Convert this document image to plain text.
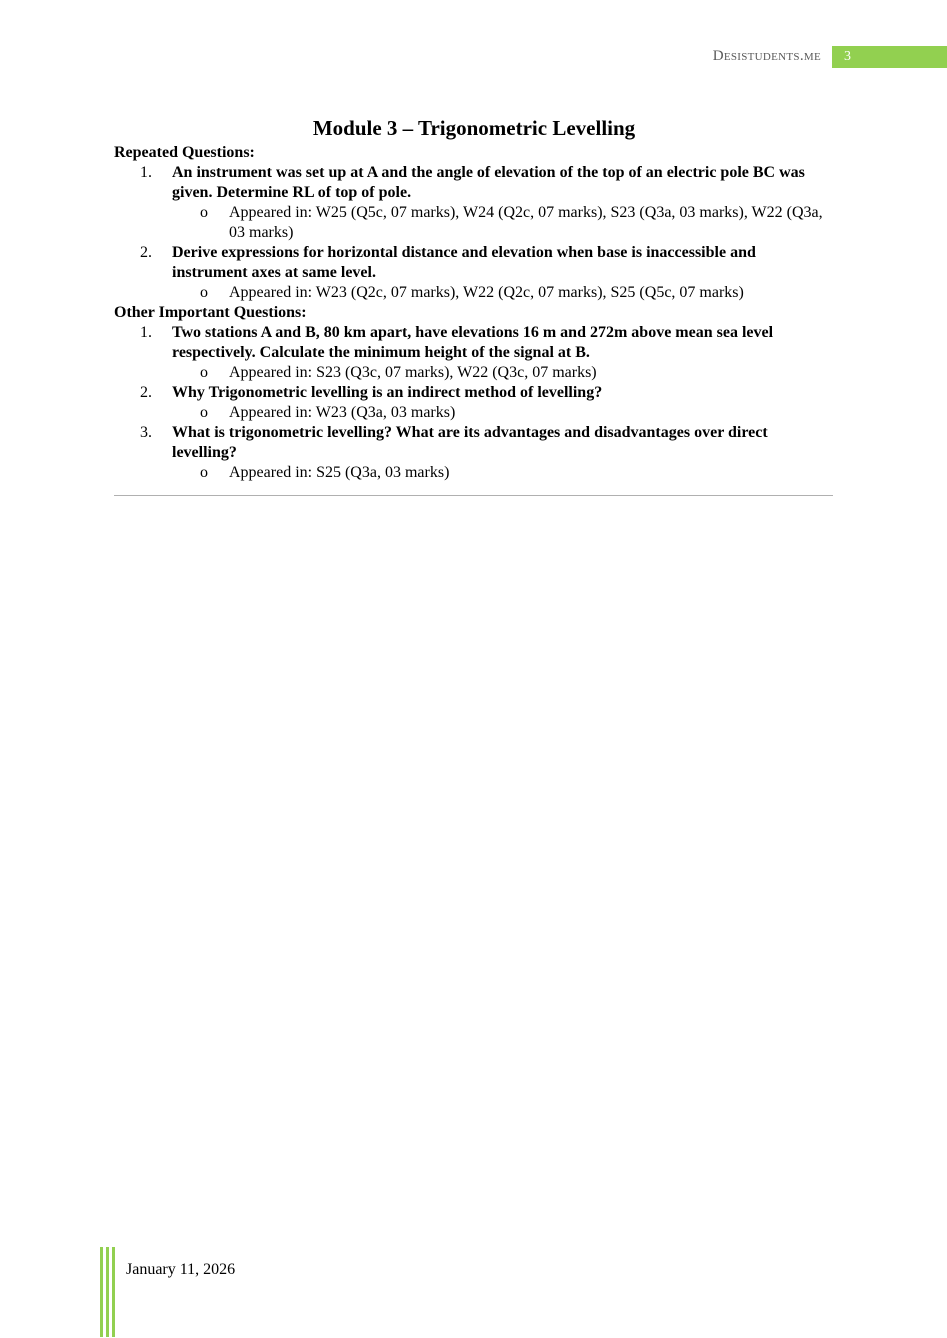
Desistudents.me	3
Module 3 – Trigonometric Levelling
Repeated Questions:
1. An instrument was set up at A and the angle of elevation of the top of an electric pole BC was given. Determine RL of top of pole.
o Appeared in: W25 (Q5c, 07 marks), W24 (Q2c, 07 marks), S23 (Q3a, 03 marks), W22 (Q3a, 03 marks)
2. Derive expressions for horizontal distance and elevation when base is inaccessible and instrument axes at same level.
o Appeared in: W23 (Q2c, 07 marks), W22 (Q2c, 07 marks), S25 (Q5c, 07 marks)
Other Important Questions:
1. Two stations A and B, 80 km apart, have elevations 16 m and 272m above mean sea level respectively. Calculate the minimum height of the signal at B.
o Appeared in: S23 (Q3c, 07 marks), W22 (Q3c, 07 marks)
2. Why Trigonometric levelling is an indirect method of levelling?
o Appeared in: W23 (Q3a, 03 marks)
3. What is trigonometric levelling? What are its advantages and disadvantages over direct levelling?
o Appeared in: S25 (Q3a, 03 marks)
January 11, 2026
